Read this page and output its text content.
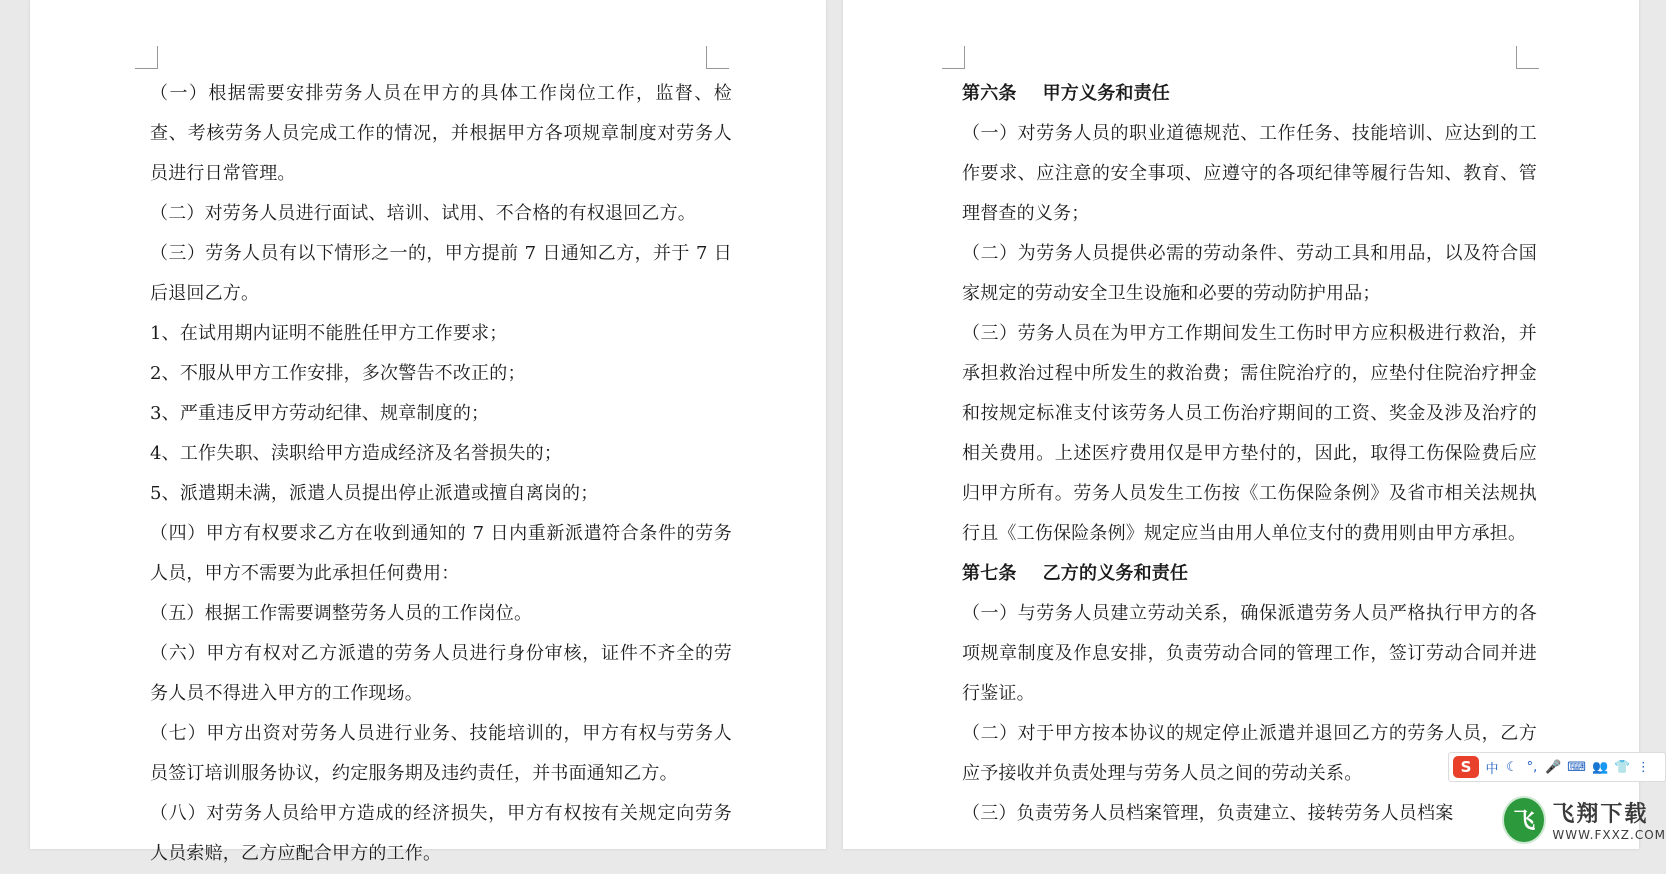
（一）根据需要安排劳务人员在甲方的具体工作岗位工作，监督、检查、考核劳务人员完成工作的情况，并根据甲方各项规章制度对劳务人员进行日常管理。

（二）对劳务人员进行面试、培训、试用、不合格的有权退回乙方。

（三）劳务人员有以下情形之一的，甲方提前 7 日通知乙方，并于 7 日后退回乙方。

1、在试用期内证明不能胜任甲方工作要求；

2、不服从甲方工作安排，多次警告不改正的；

3、严重违反甲方劳动纪律、规章制度的；

4、工作失职、渎职给甲方造成经济及名誉损失的；

5、派遣期未满，派遣人员提出停止派遣或擅自离岗的；

（四）甲方有权要求乙方在收到通知的 7 日内重新派遣符合条件的劳务人员，甲方不需要为此承担任何费用：

（五）根据工作需要调整劳务人员的工作岗位。

（六）甲方有权对乙方派遣的劳务人员进行身份审核，证件不齐全的劳务人员不得进入甲方的工作现场。

（七）甲方出资对劳务人员进行业务、技能培训的，甲方有权与劳务人员签订培训服务协议，约定服务期及违约责任，并书面通知乙方。

（八）对劳务人员给甲方造成的经济损失，甲方有权按有关规定向劳务人员索赔，乙方应配合甲方的工作。

第六条 甲方义务和责任

（一）对劳务人员的职业道德规范、工作任务、技能培训、应达到的工作要求、应注意的安全事项、应遵守的各项纪律等履行告知、教育、管理督查的义务；

（二）为劳务人员提供必需的劳动条件、劳动工具和用品，以及符合国家规定的劳动安全卫生设施和必要的劳动防护用品；

（三）劳务人员在为甲方工作期间发生工伤时甲方应积极进行救治，并承担救治过程中所发生的救治费；需住院治疗的，应垫付住院治疗押金和按规定标准支付该劳务人员工伤治疗期间的工资、奖金及涉及治疗的相关费用。上述医疗费用仅是甲方垫付的，因此，取得工伤保险费后应归甲方所有。劳务人员发生工伤按《工伤保险条例》及省市相关法规执行且《工伤保险条例》规定应当由用人单位支付的费用则由甲方承担。

第七条 乙方的义务和责任

（一）与劳务人员建立劳动关系，确保派遣劳务人员严格执行甲方的各项规章制度及作息安排，负责劳动合同的管理工作，签订劳动合同并进行鉴证。

（二）对于甲方按本协议的规定停止派遣并退回乙方的劳务人员，乙方应予接收并负责处理与劳务人员之间的劳动关系。

（三）负责劳务人员档案管理，负责建立、接转劳务人员档案

S	中 ☾ °, 🎤 ⌨ 👥 👕 ⋮
飞 飞翔下载
WWW.FXXZ.COM
